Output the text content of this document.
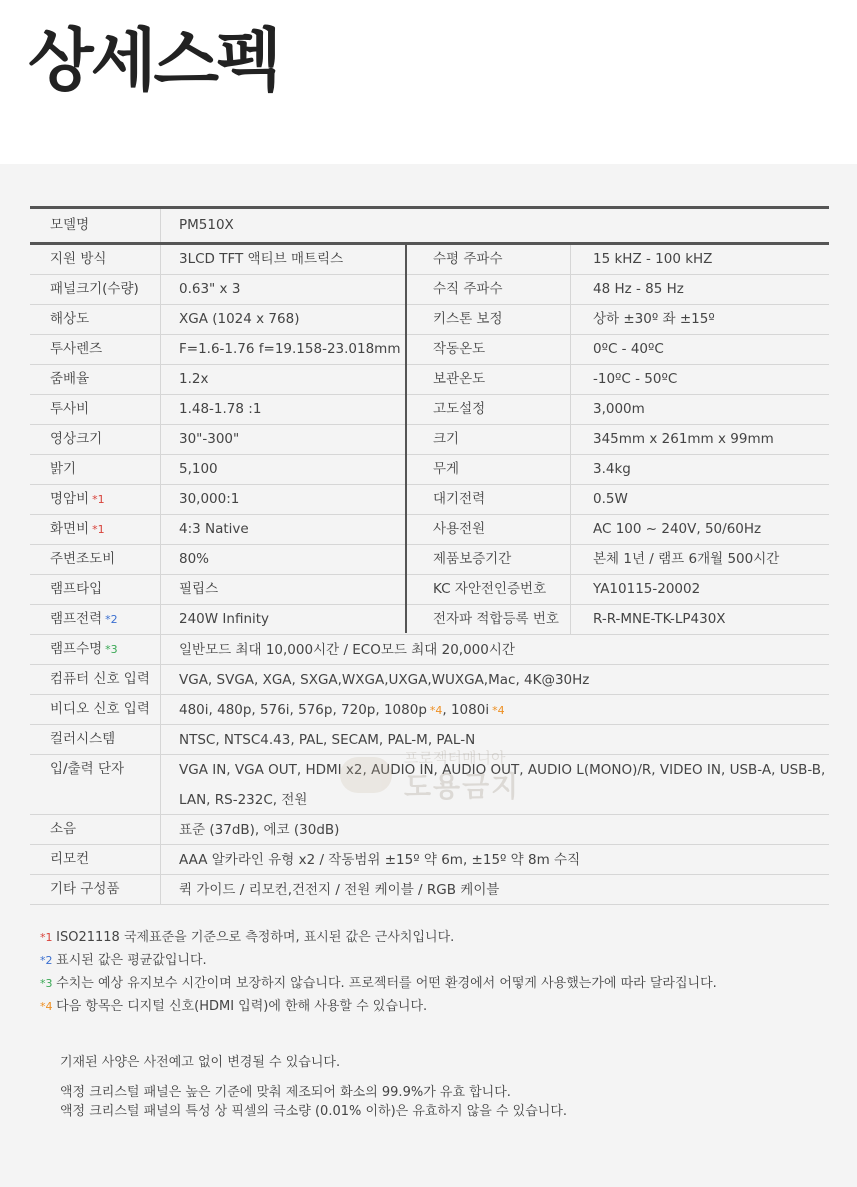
상세스펙
모델명	PM510X
지원 방식	3LCD TFT 액티브 매트릭스	수평 주파수	15 kHZ - 100 kHZ
패널크기(수량)	0.63" x 3	수직 주파수	48 Hz - 85 Hz
해상도	XGA (1024 x 768)	키스톤 보정	상하 ±30º 좌 ±15º
투사렌즈	F=1.6-1.76 f=19.158-23.018mm	작동온도	0ºC - 40ºC
줌배율	1.2x	보관온도	-10ºC - 50ºC
투사비	1.48-1.78 :1	고도설정	3,000m
영상크기	30"-300"	크기	345mm x 261mm x 99mm
밝기	5,100	무게	3.4kg
명암비 *1	30,000:1	대기전력	0.5W
화면비 *1	4:3 Native	사용전원	AC 100 ~ 240V, 50/60Hz
주변조도비	80%	제품보증기간	본체 1년 / 램프 6개월 500시간
램프타입	필립스	KC 자안전인증번호	YA10115-20002
램프전력 *2	240W Infinity	전자파 적합등록 번호	R-R-MNE-TK-LP430X
램프수명 *3	일반모드 최대 10,000시간 / ECO모드 최대 20,000시간
컴퓨터 신호 입력	VGA, SVGA, XGA, SXGA,WXGA,UXGA,WUXGA,Mac, 4K@30Hz
비디오 신호 입력	480i, 480p, 576i, 576p, 720p, 1080p *4, 1080i *4
컬러시스템	NTSC, NTSC4.43, PAL, SECAM, PAL-M, PAL-N
입/출력 단자	VGA IN, VGA OUT, HDMI x2, AUDIO IN, AUDIO OUT, AUDIO L(MONO)/R, VIDEO IN, USB-A, USB-B, LAN, RS-232C, 전원
소음	표준 (37dB), 에코 (30dB)
리모컨	AAA 알카라인 유형 x2 / 작동범위 ±15º 약 6m, ±15º 약 8m 수직
기타 구성품	퀵 가이드 / 리모컨,건전지 / 전원 케이블 / RGB 케이블
프로젝터매니아
도용금지
*1 ISO21118 국제표준을 기준으로 측정하며, 표시된 값은 근사치입니다.
*2 표시된 값은 평균값입니다.
*3 수치는 예상 유지보수 시간이며 보장하지 않습니다. 프로젝터를 어떤 환경에서 어떻게 사용했는가에 따라 달라집니다.
*4 다음 항목은 디지털 신호(HDMI 입력)에 한해 사용할 수 있습니다.
기재된 사양은 사전예고 없이 변경될 수 있습니다.
액정 크리스털 패널은 높은 기준에 맞춰 제조되어 화소의 99.9%가 유효 합니다.
액정 크리스털 패널의 특성 상 픽셀의 극소량 (0.01% 이하)은 유효하지 않을 수 있습니다.
